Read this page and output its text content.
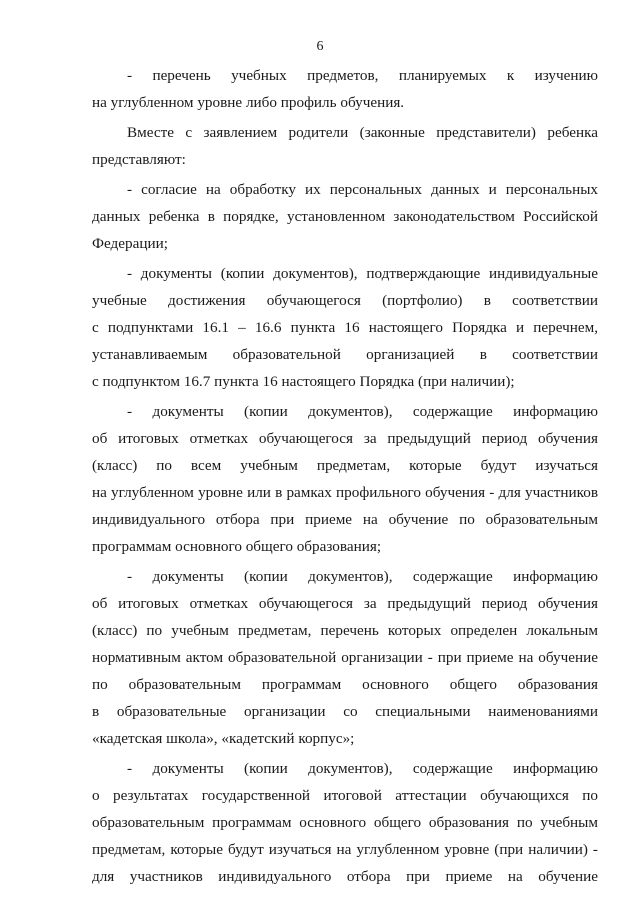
6
- перечень учебных предметов, планируемых к изучению
на углубленном уровне либо профиль обучения.
Вместе с заявлением родители (законные представители) ребенка
представляют:
- согласие на обработку их персональных данных и персональных
данных ребенка в порядке, установленном законодательством Российской
Федерации;
- документы (копии документов), подтверждающие индивидуальные
учебные достижения обучающегося (портфолио) в соответствии
с подпунктами 16.1 – 16.6 пункта 16 настоящего Порядка и перечнем,
устанавливаемым образовательной организацией в соответствии
с подпунктом 16.7 пункта 16 настоящего Порядка (при наличии);
- документы (копии документов), содержащие информацию
об итоговых отметках обучающегося за предыдущий период обучения
(класс) по всем учебным предметам, которые будут изучаться
на углубленном уровне или в рамках профильного обучения - для участников
индивидуального отбора при приеме на обучение по образовательным
программам основного общего образования;
- документы (копии документов), содержащие информацию
об итоговых отметках обучающегося за предыдущий период обучения
(класс) по учебным предметам, перечень которых определен локальным
нормативным актом образовательной организации - при приеме на обучение
по образовательным программам основного общего образования
в образовательные организации со специальными наименованиями
«кадетская школа», «кадетский корпус»;
- документы (копии документов), содержащие информацию
о результатах государственной итоговой аттестации обучающихся по
образовательным программам основного общего образования по учебным
предметам, которые будут изучаться на углубленном уровне (при наличии) -
для участников индивидуального отбора при приеме на обучение
